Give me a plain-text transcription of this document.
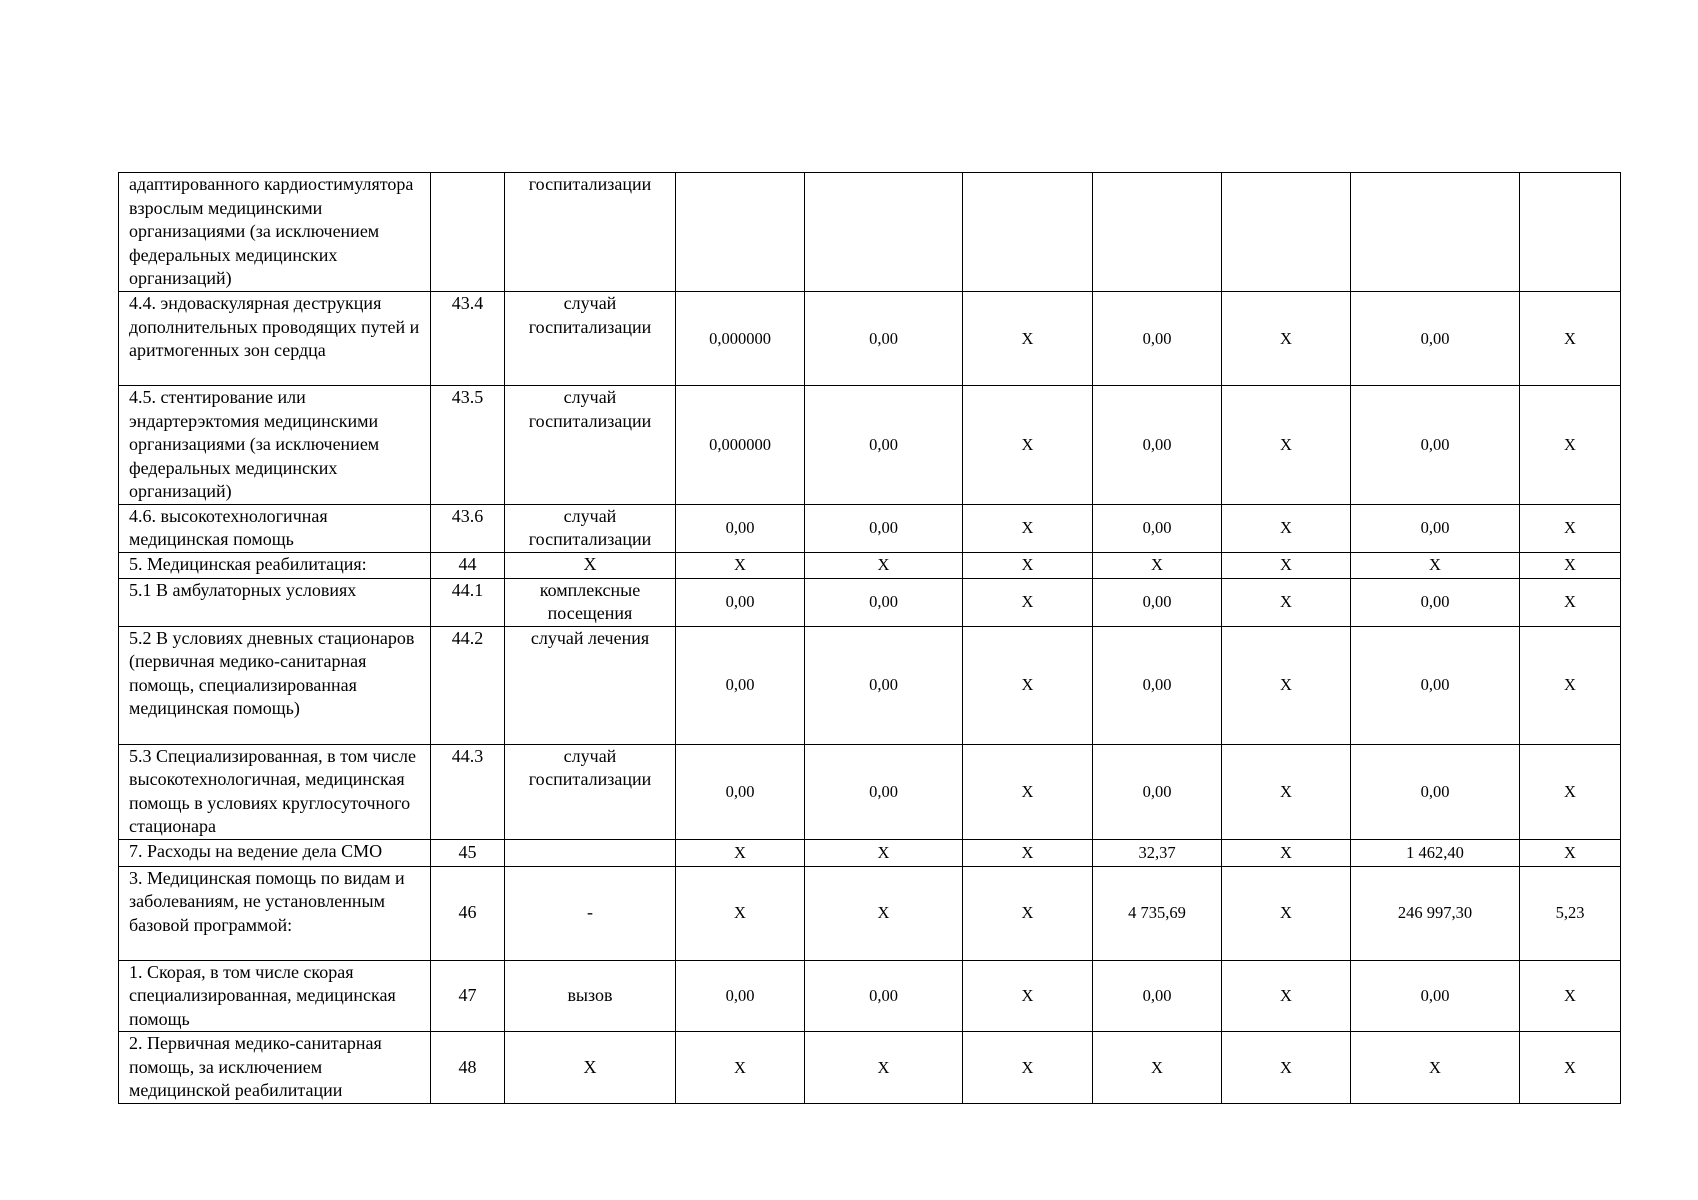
адаптированного кардиостимулятора взрослым медицинскими организациями (за исключением федеральных медицинских организаций)		госпитализации							
4.4. эндоваскулярная деструкция дополнительных проводящих путей и аритмогенных зон сердца	43.4	случай госпитализации	0,000000	0,00	X	0,00	X	0,00	X
4.5. стентирование или эндартерэктомия медицинскими организациями (за исключением федеральных медицинских организаций)	43.5	случай госпитализации	0,000000	0,00	X	0,00	X	0,00	X
4.6. высокотехнологичная медицинская помощь	43.6	случай госпитализации	0,00	0,00	X	0,00	X	0,00	X
5. Медицинская реабилитация:	44	X	X	X	X	X	X	X	X
5.1 В амбулаторных условиях	44.1	комплексные посещения	0,00	0,00	X	0,00	X	0,00	X
5.2 В условиях дневных стационаров (первичная медико-санитарная помощь, специализированная медицинская помощь)	44.2	случай лечения	0,00	0,00	X	0,00	X	0,00	X
5.3 Специализированная, в том числе высокотехнологичная, медицинская помощь в условиях круглосуточного стационара	44.3	случай госпитализации	0,00	0,00	X	0,00	X	0,00	X
7. Расходы на ведение дела СМО	45		X	X	X	32,37	X	1 462,40	X
3. Медицинская помощь по видам и заболеваниям, не установленным базовой программой:	46	-	X	X	X	4 735,69	X	246 997,30	5,23
1. Скорая, в том числе скорая специализированная, медицинская помощь	47	вызов	0,00	0,00	X	0,00	X	0,00	X
2. Первичная медико-санитарная помощь, за исключением медицинской реабилитации	48	X	X	X	X	X	X	X	X
